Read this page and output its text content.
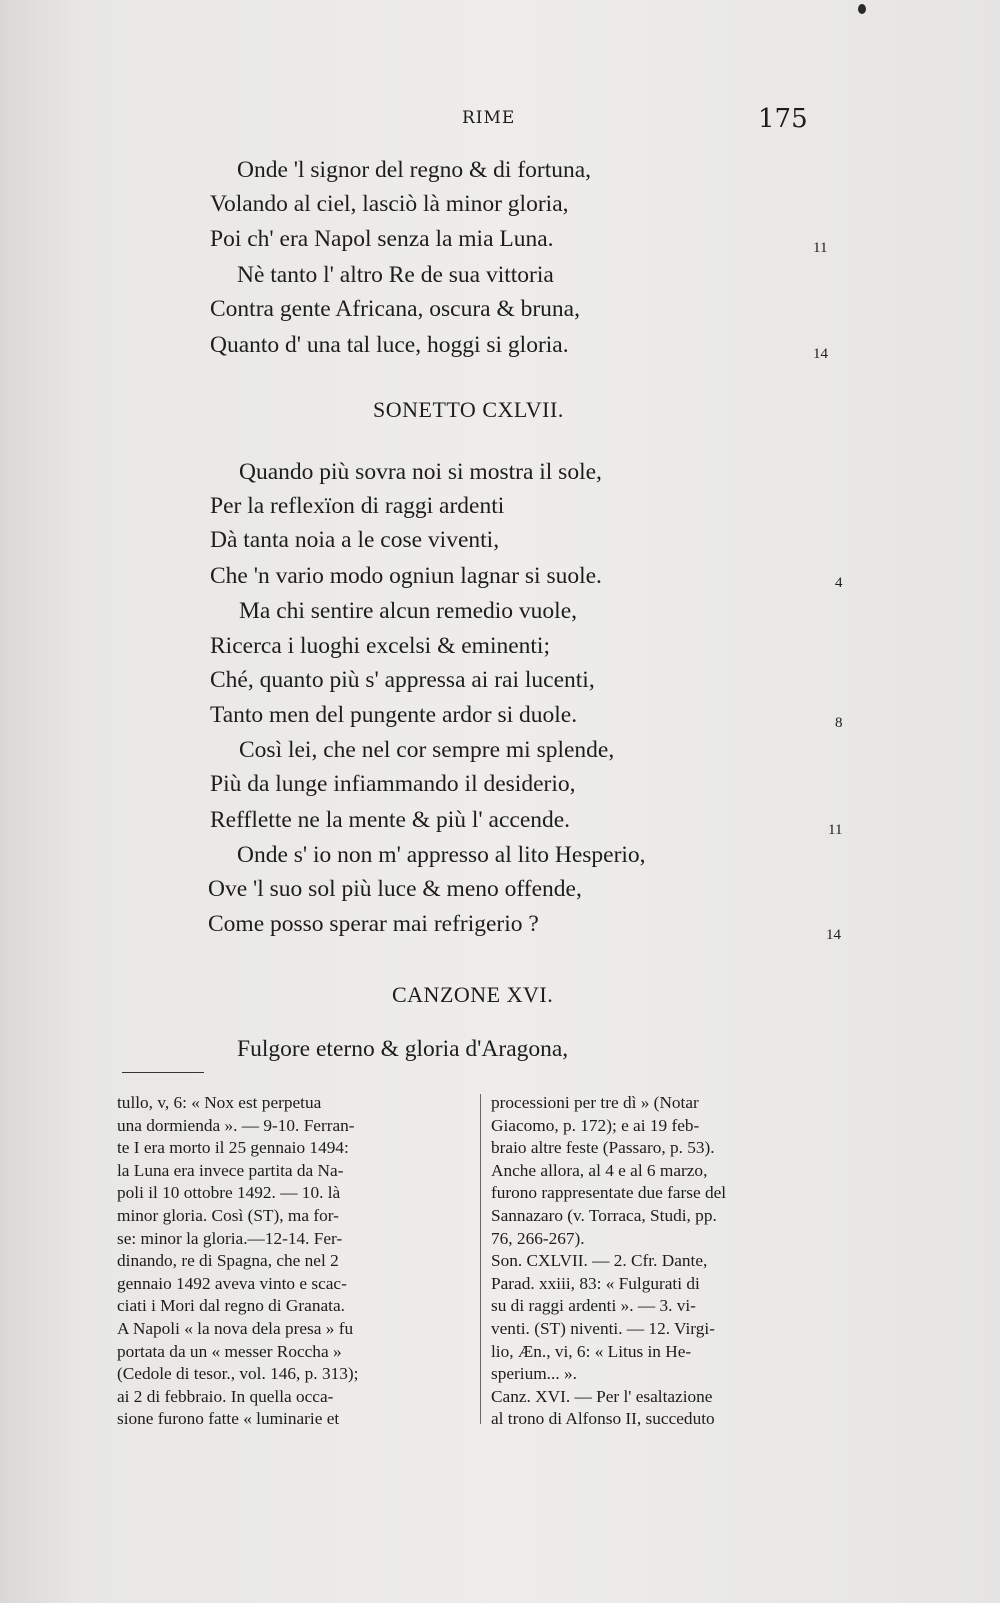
RIME	175
Onde 'l signor del regno & di fortuna,
Volando al ciel, lasciò là minor gloria,
Poi ch' era Napol senza la mia Luna.
Nè tanto l' altro Re de sua vittoria
Contra gente Africana, oscura & bruna,
Quanto d' una tal luce, hoggi si gloria.
11
14
SONETTO CXLVII.
Quando più sovra noi si mostra il sole,
Per la reflexïon di raggi ardenti
Dà tanta noia a le cose viventi,
Che 'n vario modo ogniun lagnar si suole.
Ma chi sentire alcun remedio vuole,
Ricerca i luoghi excelsi & eminenti;
Ché, quanto più s' appressa ai rai lucenti,
Tanto men del pungente ardor si duole.
Così lei, che nel cor sempre mi splende,
Più da lunge infiammando il desiderio,
Refflette ne la mente & più l' accende.
Onde s' io non m' appresso al lito Hesperio,
Ove 'l suo sol più luce & meno offende,
Come posso sperar mai refrigerio ?
4
8
11
14
CANZONE XVI.
Fulgore eterno & gloria d'Aragona,
tullo, v, 6: « Nox est perpetua
una dormienda ». — 9-10. Ferran-
te I era morto il 25 gennaio 1494:
la Luna era invece partita da Na-
poli il 10 ottobre 1492. — 10. là
minor gloria. Così (ST), ma for-
se: minor la gloria.—12-14. Fer-
dinando, re di Spagna, che nel 2
gennaio 1492 aveva vinto e scac-
ciati i Mori dal regno di Granata.
A Napoli « la nova dela presa » fu
portata da un « messer Roccha »
(Cedole di tesor., vol. 146, p. 313);
ai 2 di febbraio. In quella occa-
sione furono fatte « luminarie et
processioni per tre dì » (Notar
Giacomo, p. 172); e ai 19 feb-
braio altre feste (Passaro, p. 53).
Anche allora, al 4 e al 6 marzo,
furono rappresentate due farse del
Sannazaro (v. Torraca, Studi, pp.
76, 266-267).
Son. CXLVII. — 2. Cfr. Dante,
Parad. xxiii, 83: « Fulgurati di
su di raggi ardenti ». — 3. vi-
venti. (ST) niventi. — 12. Virgi-
lio, Æn., vi, 6: « Litus in He-
sperium... ».
Canz. XVI. — Per l' esaltazione
al trono di Alfonso II, succeduto
